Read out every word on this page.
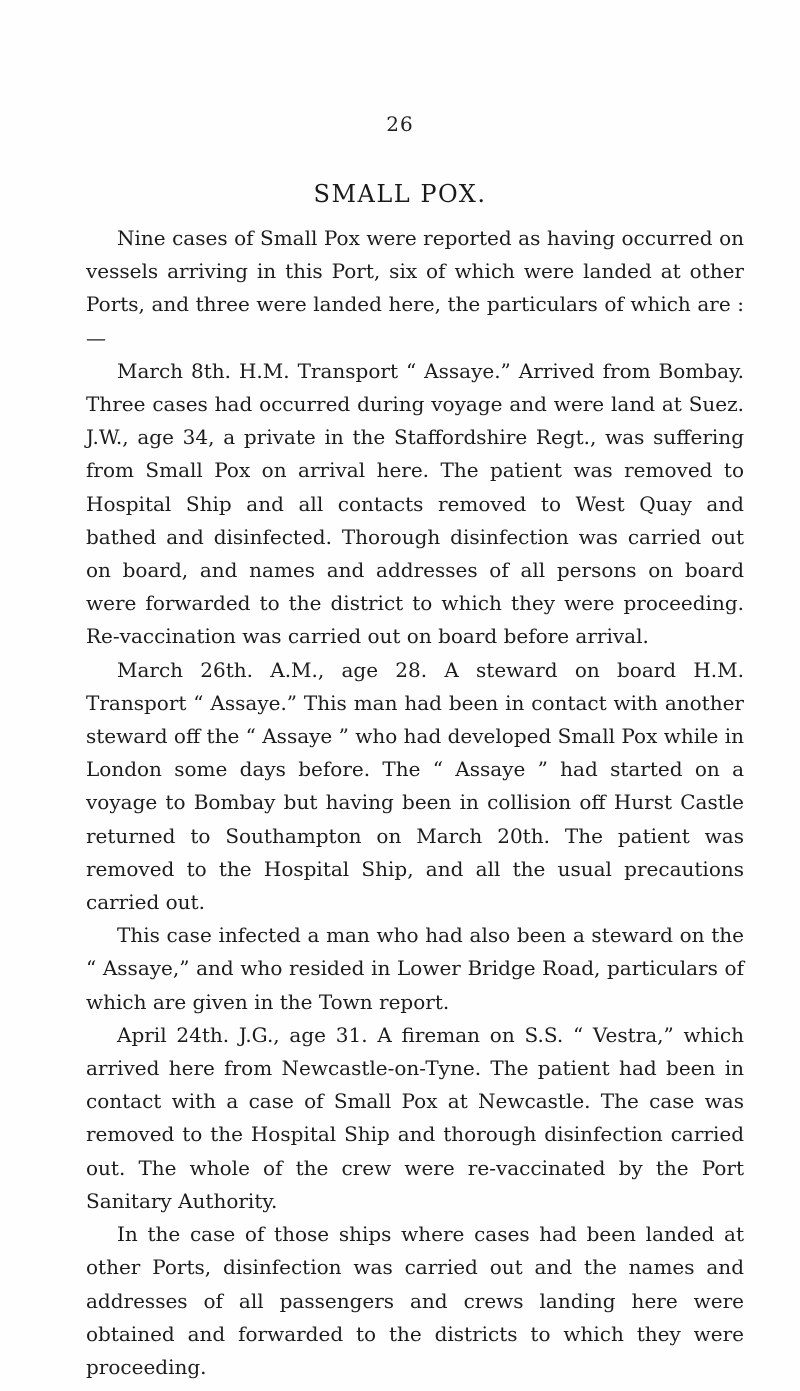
26
SMALL POX.

Nine cases of Small Pox were reported as having occurred on vessels arriving in this Port, six of which were landed at other Ports, and three were landed here, the particulars of which are :—

March 8th. H.M. Transport “ Assaye.” Arrived from Bombay. Three cases had occurred during voyage and were land at Suez. J.W., age 34, a private in the Staffordshire Regt., was suffering from Small Pox on arrival here. The patient was removed to Hospital Ship and all contacts removed to West Quay and bathed and disinfected. Thorough disinfection was carried out on board, and names and addresses of all persons on board were forwarded to the district to which they were proceeding. Re-vaccination was carried out on board before arrival.

March 26th. A.M., age 28. A steward on board H.M. Transport “ Assaye.” This man had been in contact with another steward off the “ Assaye ” who had developed Small Pox while in London some days before. The “ Assaye ” had started on a voyage to Bombay but having been in collision off Hurst Castle returned to Southampton on March 20th. The patient was removed to the Hospital Ship, and all the usual precautions carried out.

This case infected a man who had also been a steward on the “ Assaye,” and who resided in Lower Bridge Road, particulars of which are given in the Town report.

April 24th. J.G., age 31. A fireman on S.S. “ Vestra,” which arrived here from Newcastle-on-Tyne. The patient had been in contact with a case of Small Pox at Newcastle. The case was removed to the Hospital Ship and thorough disinfection carried out. The whole of the crew were re-vaccinated by the Port Sanitary Authority.

In the case of those ships where cases had been landed at other Ports, disinfection was carried out and the names and addresses of all passengers and crews landing here were obtained and forwarded to the districts to which they were proceeding.
